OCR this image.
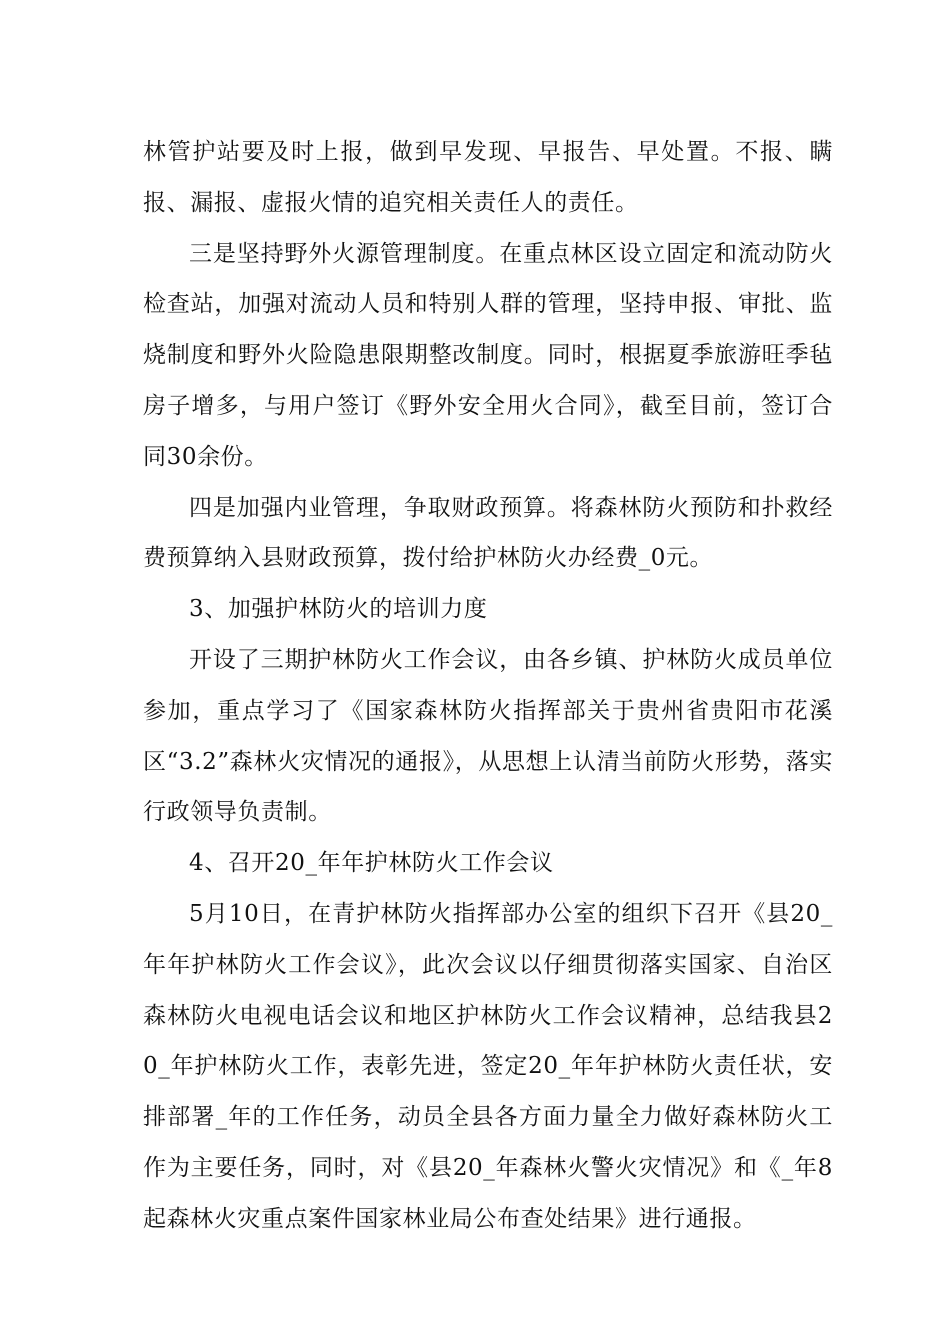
林管护站要及时上报，做到早发现、早报告、早处置。不报、瞒报、漏报、虚报火情的追究相关责任人的责任。

三是坚持野外火源管理制度。在重点林区设立固定和流动防火检查站，加强对流动人员和特别人群的管理，坚持申报、审批、监烧制度和野外火险隐患限期整改制度。同时，根据夏季旅游旺季毡房子增多，与用户签订《野外安全用火合同》，截至目前，签订合同30余份。

四是加强内业管理，争取财政预算。将森林防火预防和扑救经费预算纳入县财政预算，拨付给护林防火办经费_0元。

3、加强护林防火的培训力度

开设了三期护林防火工作会议，由各乡镇、护林防火成员单位参加，重点学习了《国家森林防火指挥部关于贵州省贵阳市花溪区“3.2”森林火灾情况的通报》，从思想上认清当前防火形势，落实行政领导负责制。

4、召开20_年年护林防火工作会议

5月10日，在青护林防火指挥部办公室的组织下召开《县20_年年护林防火工作会议》，此次会议以仔细贯彻落实国家、自治区森林防火电视电话会议和地区护林防火工作会议精神，总结我县20_年护林防火工作，表彰先进，签定20_年年护林防火责任状，安排部署_年的工作任务，动员全县各方面力量全力做好森林防火工作为主要任务，同时，对《县20_年森林火警火灾情况》和《_年8起森林火灾重点案件国家林业局公布查处结果》进行通报。
